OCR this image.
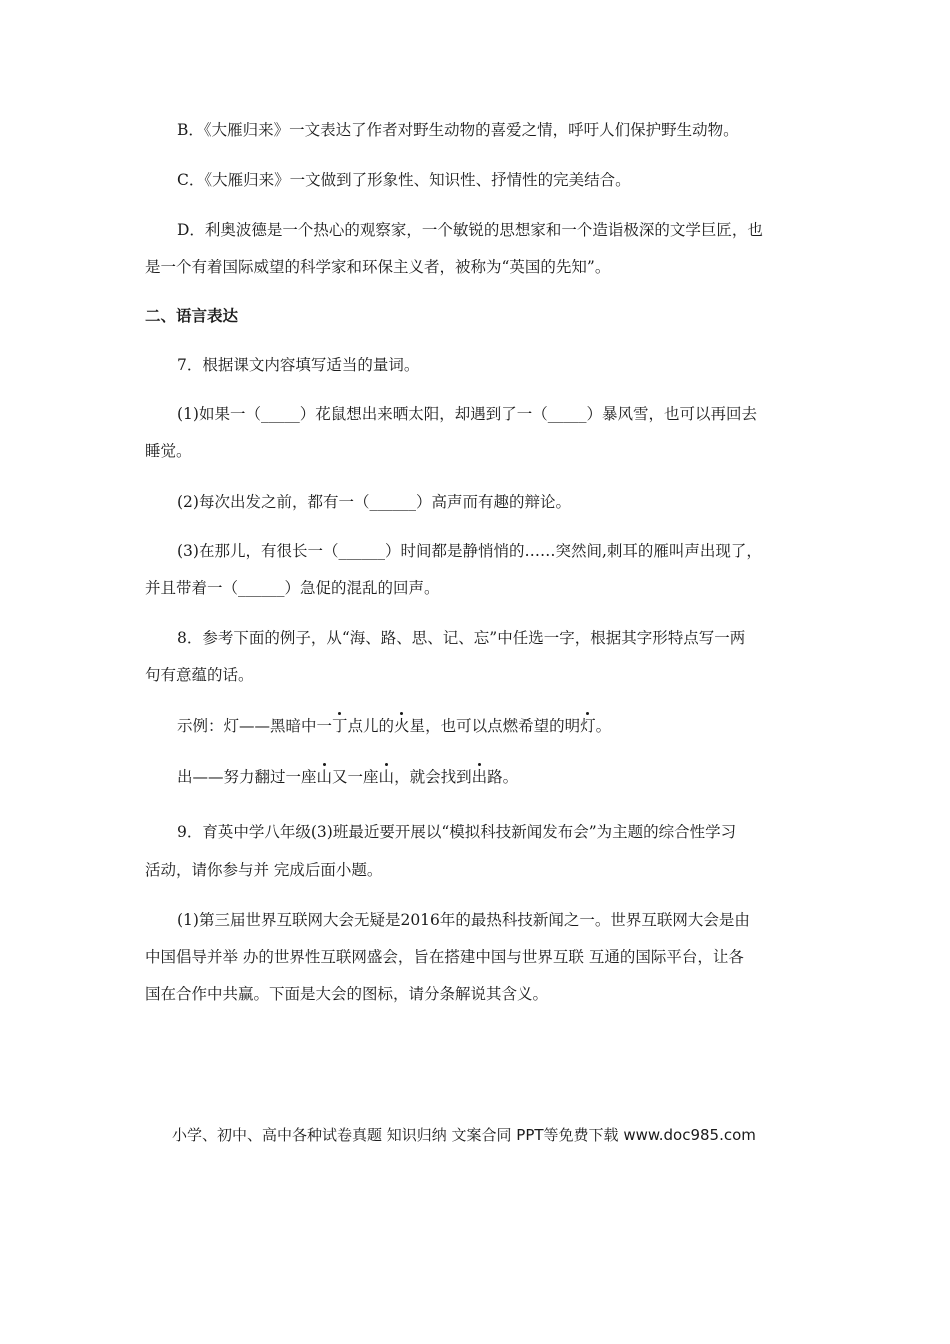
B．《大雁归来》一文表达了作者对野生动物的喜爱之情，呼吁人们保护野生动物。
C．《大雁归来》一文做到了形象性、知识性、抒情性的完美结合。
D．利奥波德是一个热心的观察家，一个敏锐的思想家和一个造诣极深的文学巨匠，也
是一个有着国际威望的科学家和环保主义者，被称为“英国的先知”。
二、语言表达
7．根据课文内容填写适当的量词。
(1)如果一（_____）花鼠想出来晒太阳，却遇到了一（_____）暴风雪，也可以再回去
睡觉。
(2)每次出发之前，都有一（______）高声而有趣的辩论。
(3)在那儿，有很长一（______）时间都是静悄悄的……突然间,刺耳的雁叫声出现了，
并且带着一（______）急促的混乱的回声。
8．参考下面的例子，从“海、路、思、记、忘”中任选一字，根据其字形特点写一两
句有意蕴的话。
示例：灯——黑暗中一丁点儿的火星，也可以点燃希望的明灯。
出——努力翻过一座山又一座山，就会找到出路。
9．育英中学八年级(3)班最近要开展以“模拟科技新闻发布会”为主题的综合性学习
活动，请你参与并 完成后面小题。
(1)第三届世界互联网大会无疑是2016年的最热科技新闻之一。世界互联网大会是由
中国倡导并举 办的世界性互联网盛会，旨在搭建中国与世界互联 互通的国际平台，让各
国在合作中共赢。下面是大会的图标，请分条解说其含义。
小学、初中、高中各种试卷真题 知识归纳 文案合同 PPT等免费下载 www.doc985.com
